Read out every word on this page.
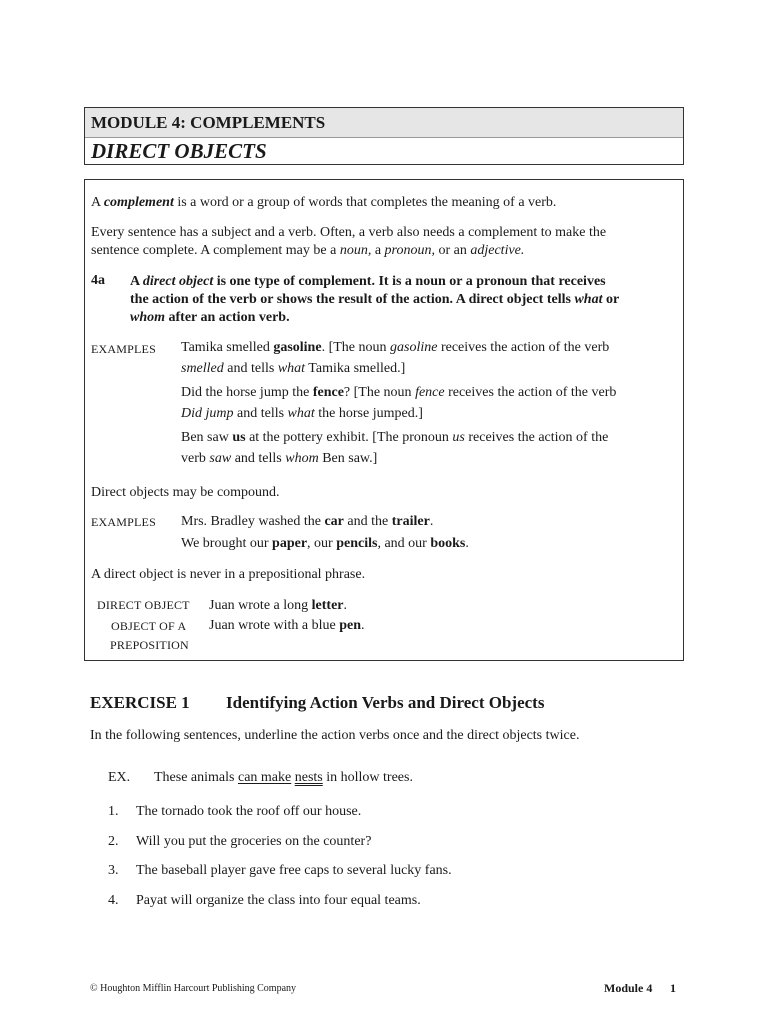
MODULE 4: COMPLEMENTS
DIRECT OBJECTS
A complement is a word or a group of words that completes the meaning of a verb.
Every sentence has a subject and a verb. Often, a verb also needs a complement to make the
sentence complete. A complement may be a noun, a pronoun, or an adjective.
4a A direct object is one type of complement. It is a noun or a pronoun that receives
the action of the verb or shows the result of the action. A direct object tells what or
whom after an action verb.
EXAMPLES Tamika smelled gasoline. [The noun gasoline receives the action of the verb
smelled and tells what Tamika smelled.]
Did the horse jump the fence? [The noun fence receives the action of the verb
Did jump and tells what the horse jumped.]
Ben saw us at the pottery exhibit. [The pronoun us receives the action of the
verb saw and tells whom Ben saw.]
Direct objects may be compound.
EXAMPLES Mrs. Bradley washed the car and the trailer.
We brought our paper, our pencils, and our books.
A direct object is never in a prepositional phrase.
DIRECT OBJECT
OBJECT OF A
PREPOSITION
Juan wrote a long letter.
Juan wrote with a blue pen.
EXERCISE 1 Identifying Action Verbs and Direct Objects
In the following sentences, underline the action verbs once and the direct objects twice.
EX. These animals can make nests in hollow trees.
1. The tornado took the roof off our house.
2. Will you put the groceries on the counter?
3. The baseball player gave free caps to several lucky fans.
4. Payat will organize the class into four equal teams.
© Houghton Mifflin Harcourt Publishing Company	Module 4 1
